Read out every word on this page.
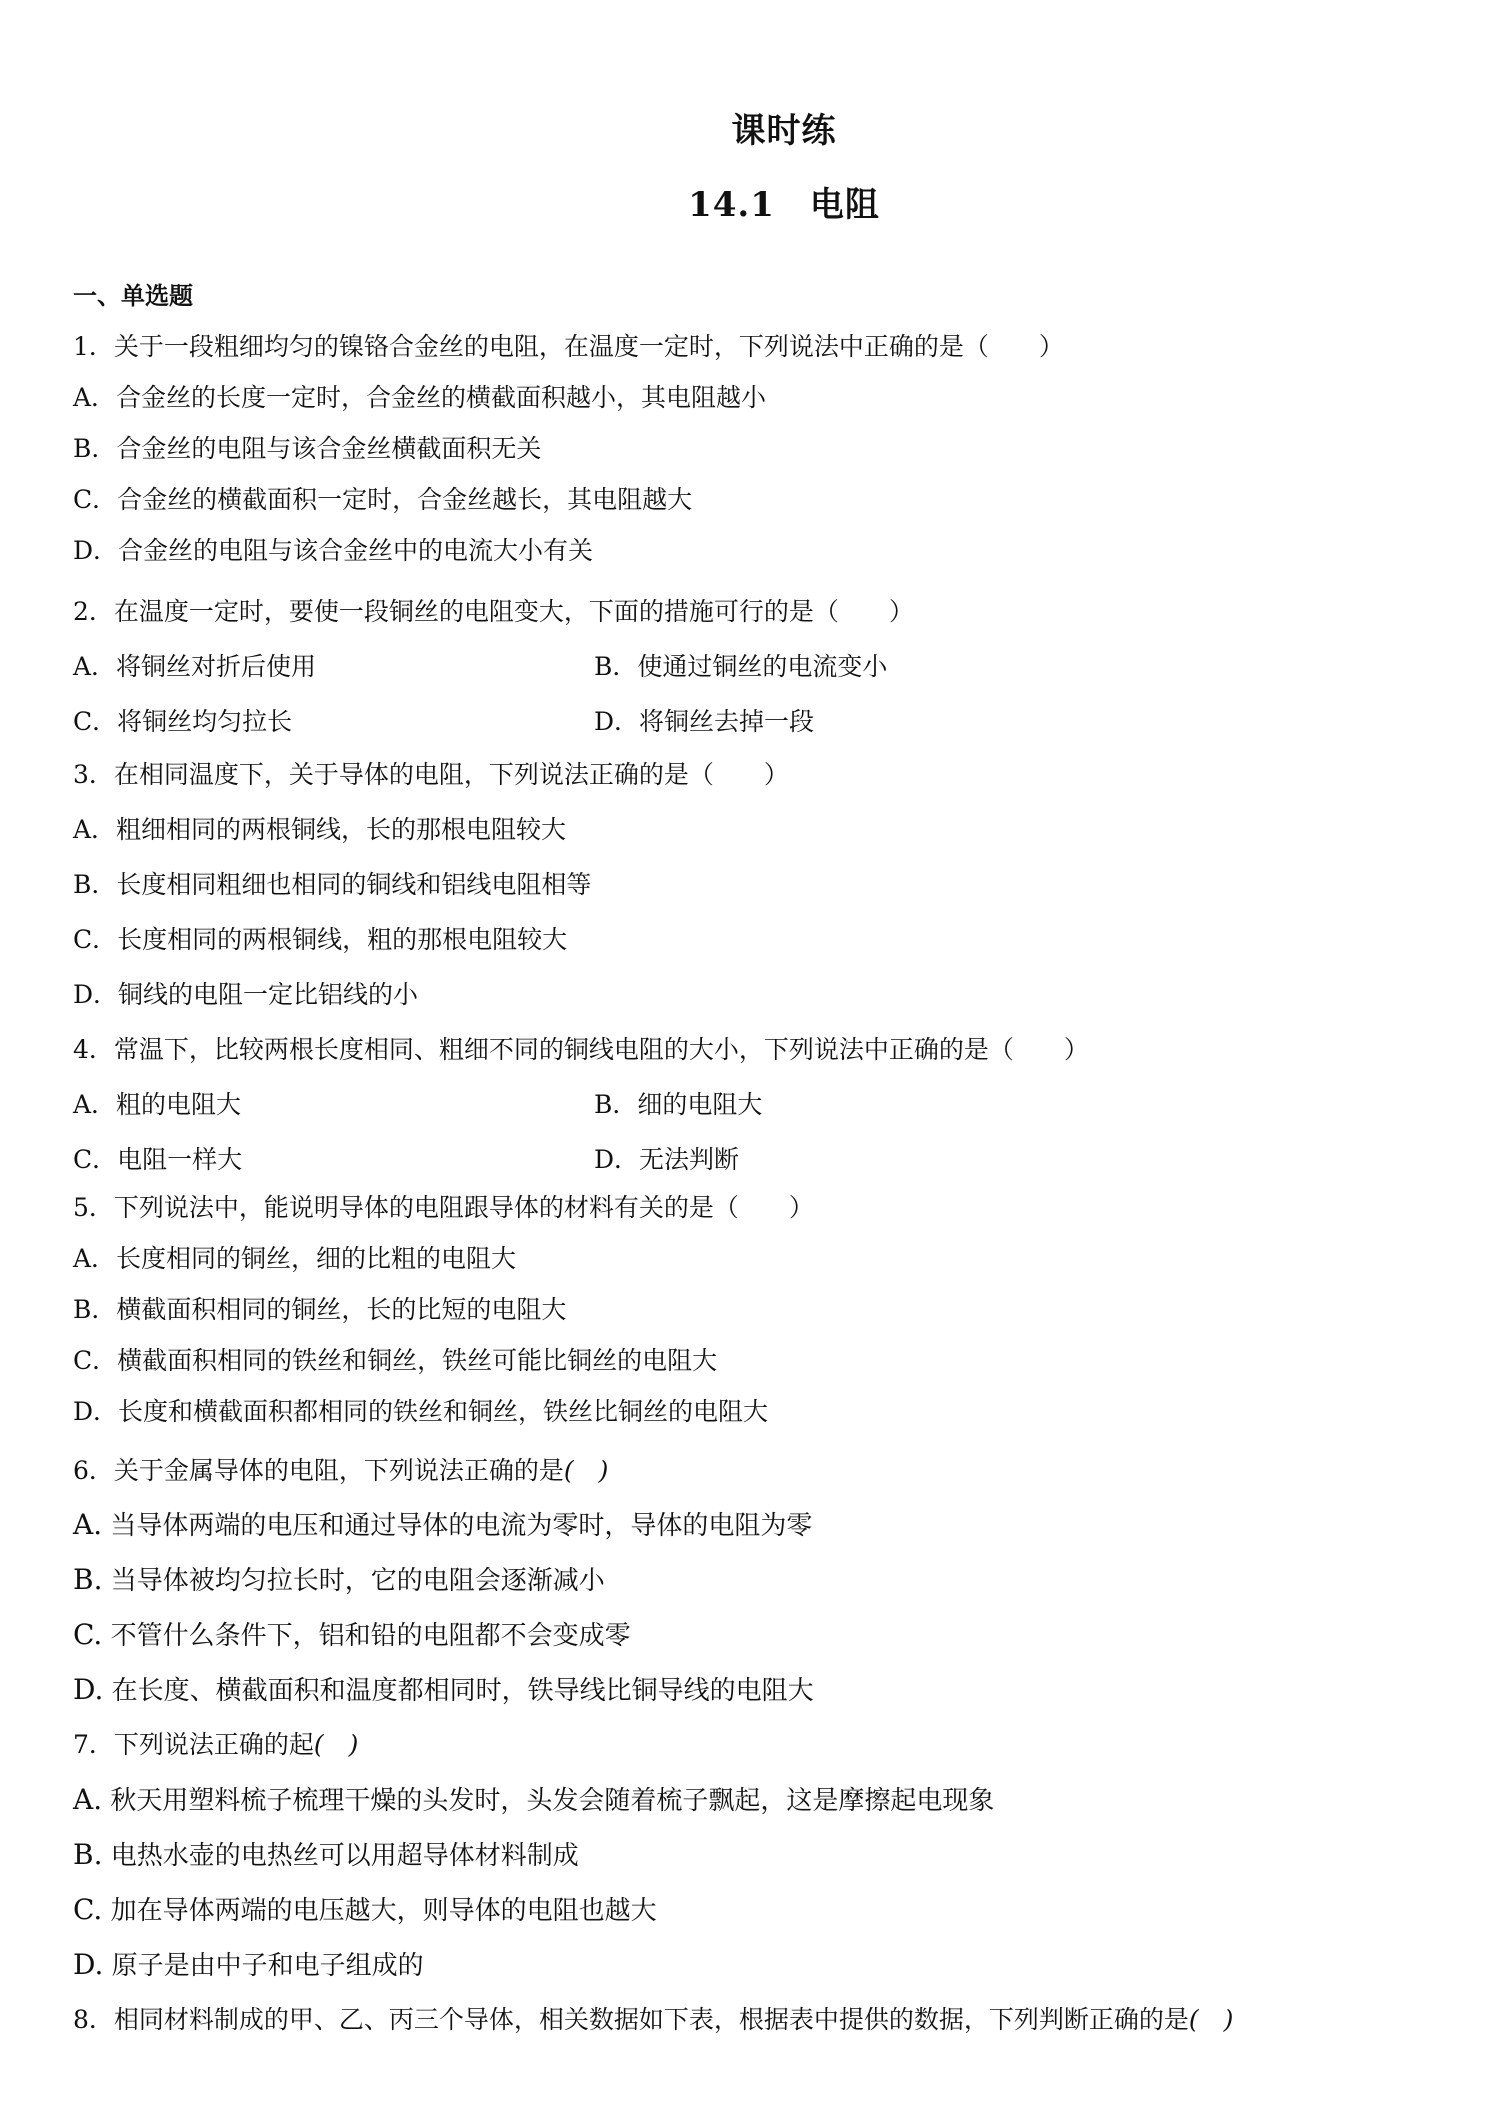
课时练
14.1　电阻
一、单选题
1．关于一段粗细均匀的镍铬合金丝的电阻，在温度一定时，下列说法中正确的是（　　）
A．合金丝的长度一定时，合金丝的横截面积越小，其电阻越小
B．合金丝的电阻与该合金丝横截面积无关
C．合金丝的横截面积一定时，合金丝越长，其电阻越大
D．合金丝的电阻与该合金丝中的电流大小有关
2．在温度一定时，要使一段铜丝的电阻变大，下面的措施可行的是（　　）
A．将铜丝对折后使用	B．使通过铜丝的电流变小
C．将铜丝均匀拉长	D．将铜丝去掉一段
3．在相同温度下，关于导体的电阻，下列说法正确的是（　　）
A．粗细相同的两根铜线，长的那根电阻较大
B．长度相同粗细也相同的铜线和铝线电阻相等
C．长度相同的两根铜线，粗的那根电阻较大
D．铜线的电阻一定比铝线的小
4．常温下，比较两根长度相同、粗细不同的铜线电阻的大小，下列说法中正确的是（　　）
A．粗的电阻大	B．细的电阻大
C．电阻一样大	D．无法判断
5．下列说法中，能说明导体的电阻跟导体的材料有关的是（　　）
A．长度相同的铜丝，细的比粗的电阻大
B．横截面积相同的铜丝，长的比短的电阻大
C．横截面积相同的铁丝和铜丝，铁丝可能比铜丝的电阻大
D．长度和横截面积都相同的铁丝和铜丝，铁丝比铜丝的电阻大
6．关于金属导体的电阻，下列说法正确的是(　)
A. 当导体两端的电压和通过导体的电流为零时，导体的电阻为零
B. 当导体被均匀拉长时，它的电阻会逐渐减小
C. 不管什么条件下，铝和铅的电阻都不会变成零
D. 在长度、横截面积和温度都相同时，铁导线比铜导线的电阻大
7．下列说法正确的起(　)
A. 秋天用塑料梳子梳理干燥的头发时，头发会随着梳子飘起，这是摩擦起电现象
B. 电热水壶的电热丝可以用超导体材料制成
C. 加在导体两端的电压越大，则导体的电阻也越大
D. 原子是由中子和电子组成的
8．相同材料制成的甲、乙、丙三个导体，相关数据如下表，根据表中提供的数据，下列判断正确的是(　)
